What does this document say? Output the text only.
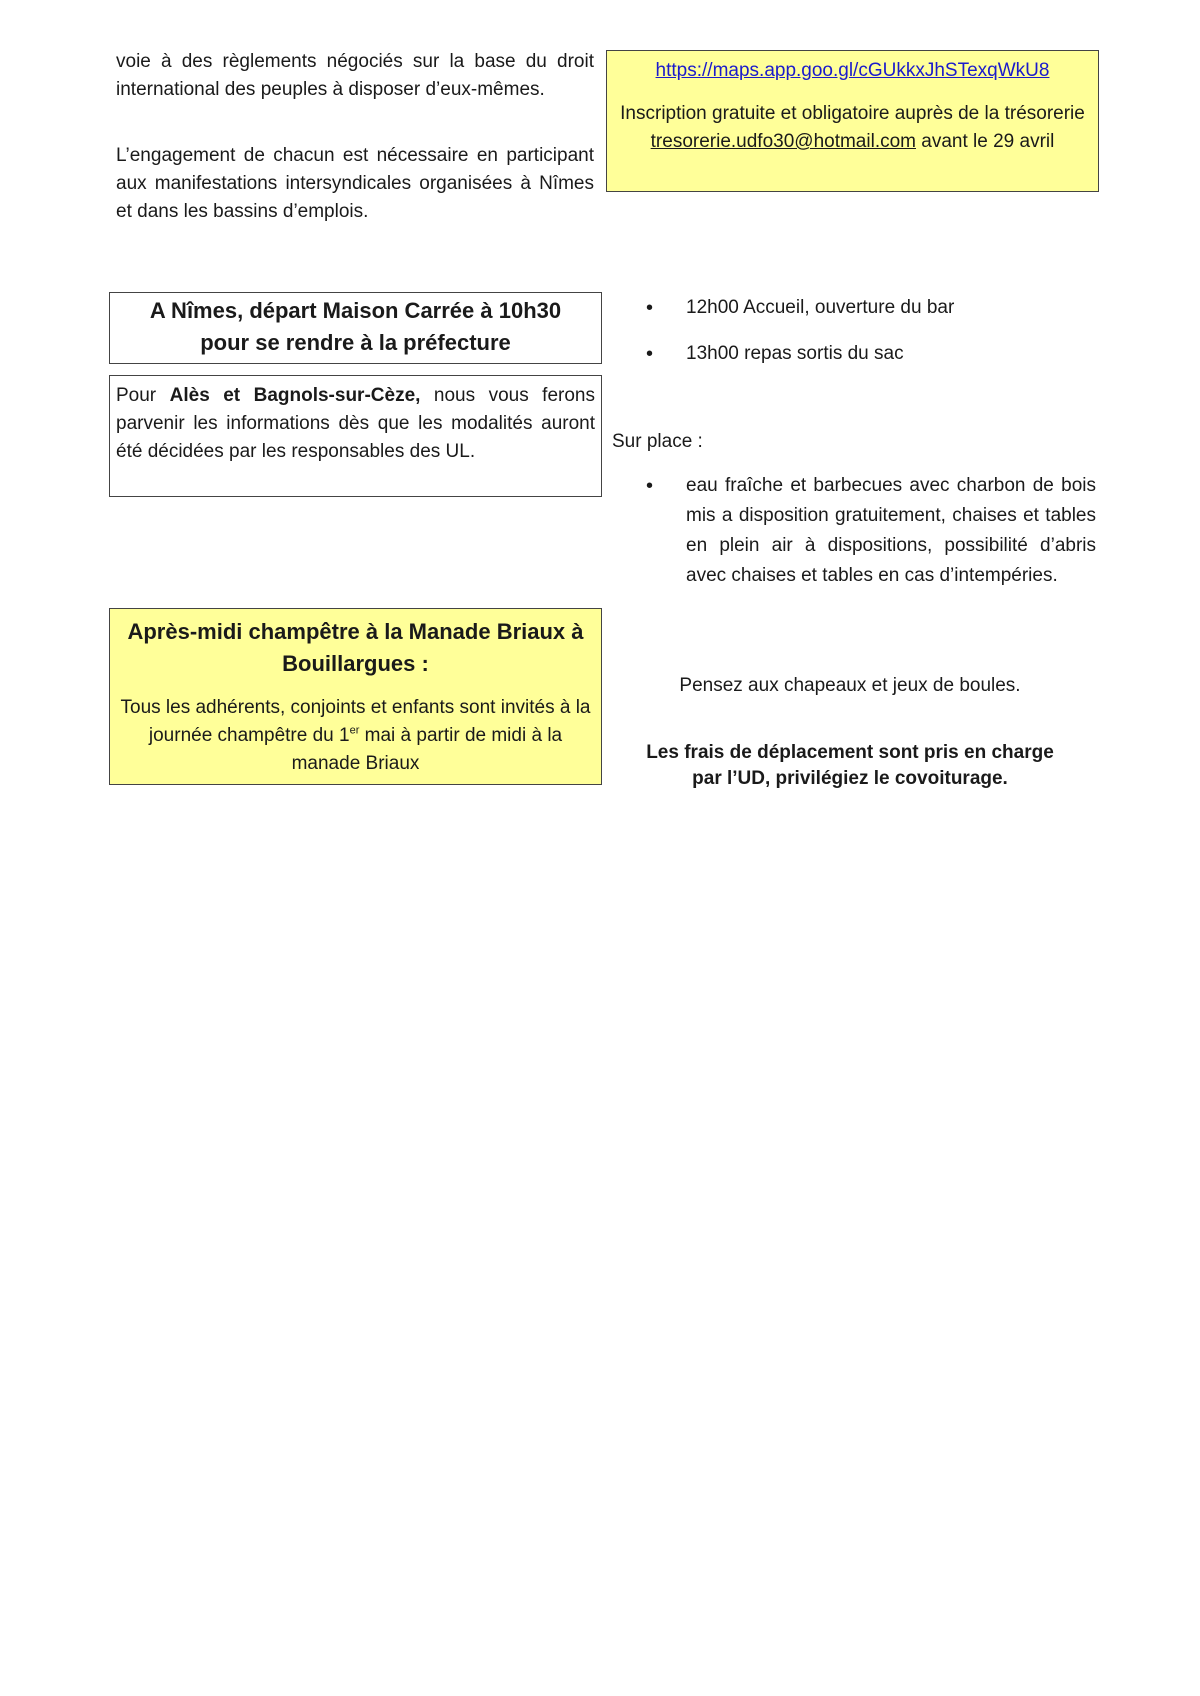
voie à des règlements négociés sur la base du droit international des peuples à disposer d’eux-mêmes.

L’engagement de chacun est nécessaire en participant aux manifestations intersyndicales organisées à Nîmes et dans les bassins d’emplois.

A Nîmes, départ Maison Carrée à 10h30
pour se rendre à la préfecture

Pour Alès et Bagnols-sur-Cèze, nous vous ferons parvenir les informations dès que les modalités auront été décidées par les responsables des UL.

Après-midi champêtre à la Manade Briaux à Bouillargues :
Tous les adhérents, conjoints et enfants sont invités à la journée champêtre du 1er mai à partir de midi à la manade Briaux
https://maps.app.goo.gl/cGUkkxJhSTexqWkU8
Inscription gratuite et obligatoire auprès de la trésorerie tresorerie.udfo30@hotmail.com avant le 29 avril
• 12h00 Accueil, ouverture du bar
• 13h00 repas sortis du sac
Sur place :
• eau fraîche et barbecues avec charbon de bois mis a disposition gratuitement, chaises et tables en plein air à dispositions, possibilité d’abris avec chaises et tables en cas d’intempéries.
Pensez aux chapeaux et jeux de boules.
Les frais de déplacement sont pris en charge
par l’UD, privilégiez le covoiturage.
